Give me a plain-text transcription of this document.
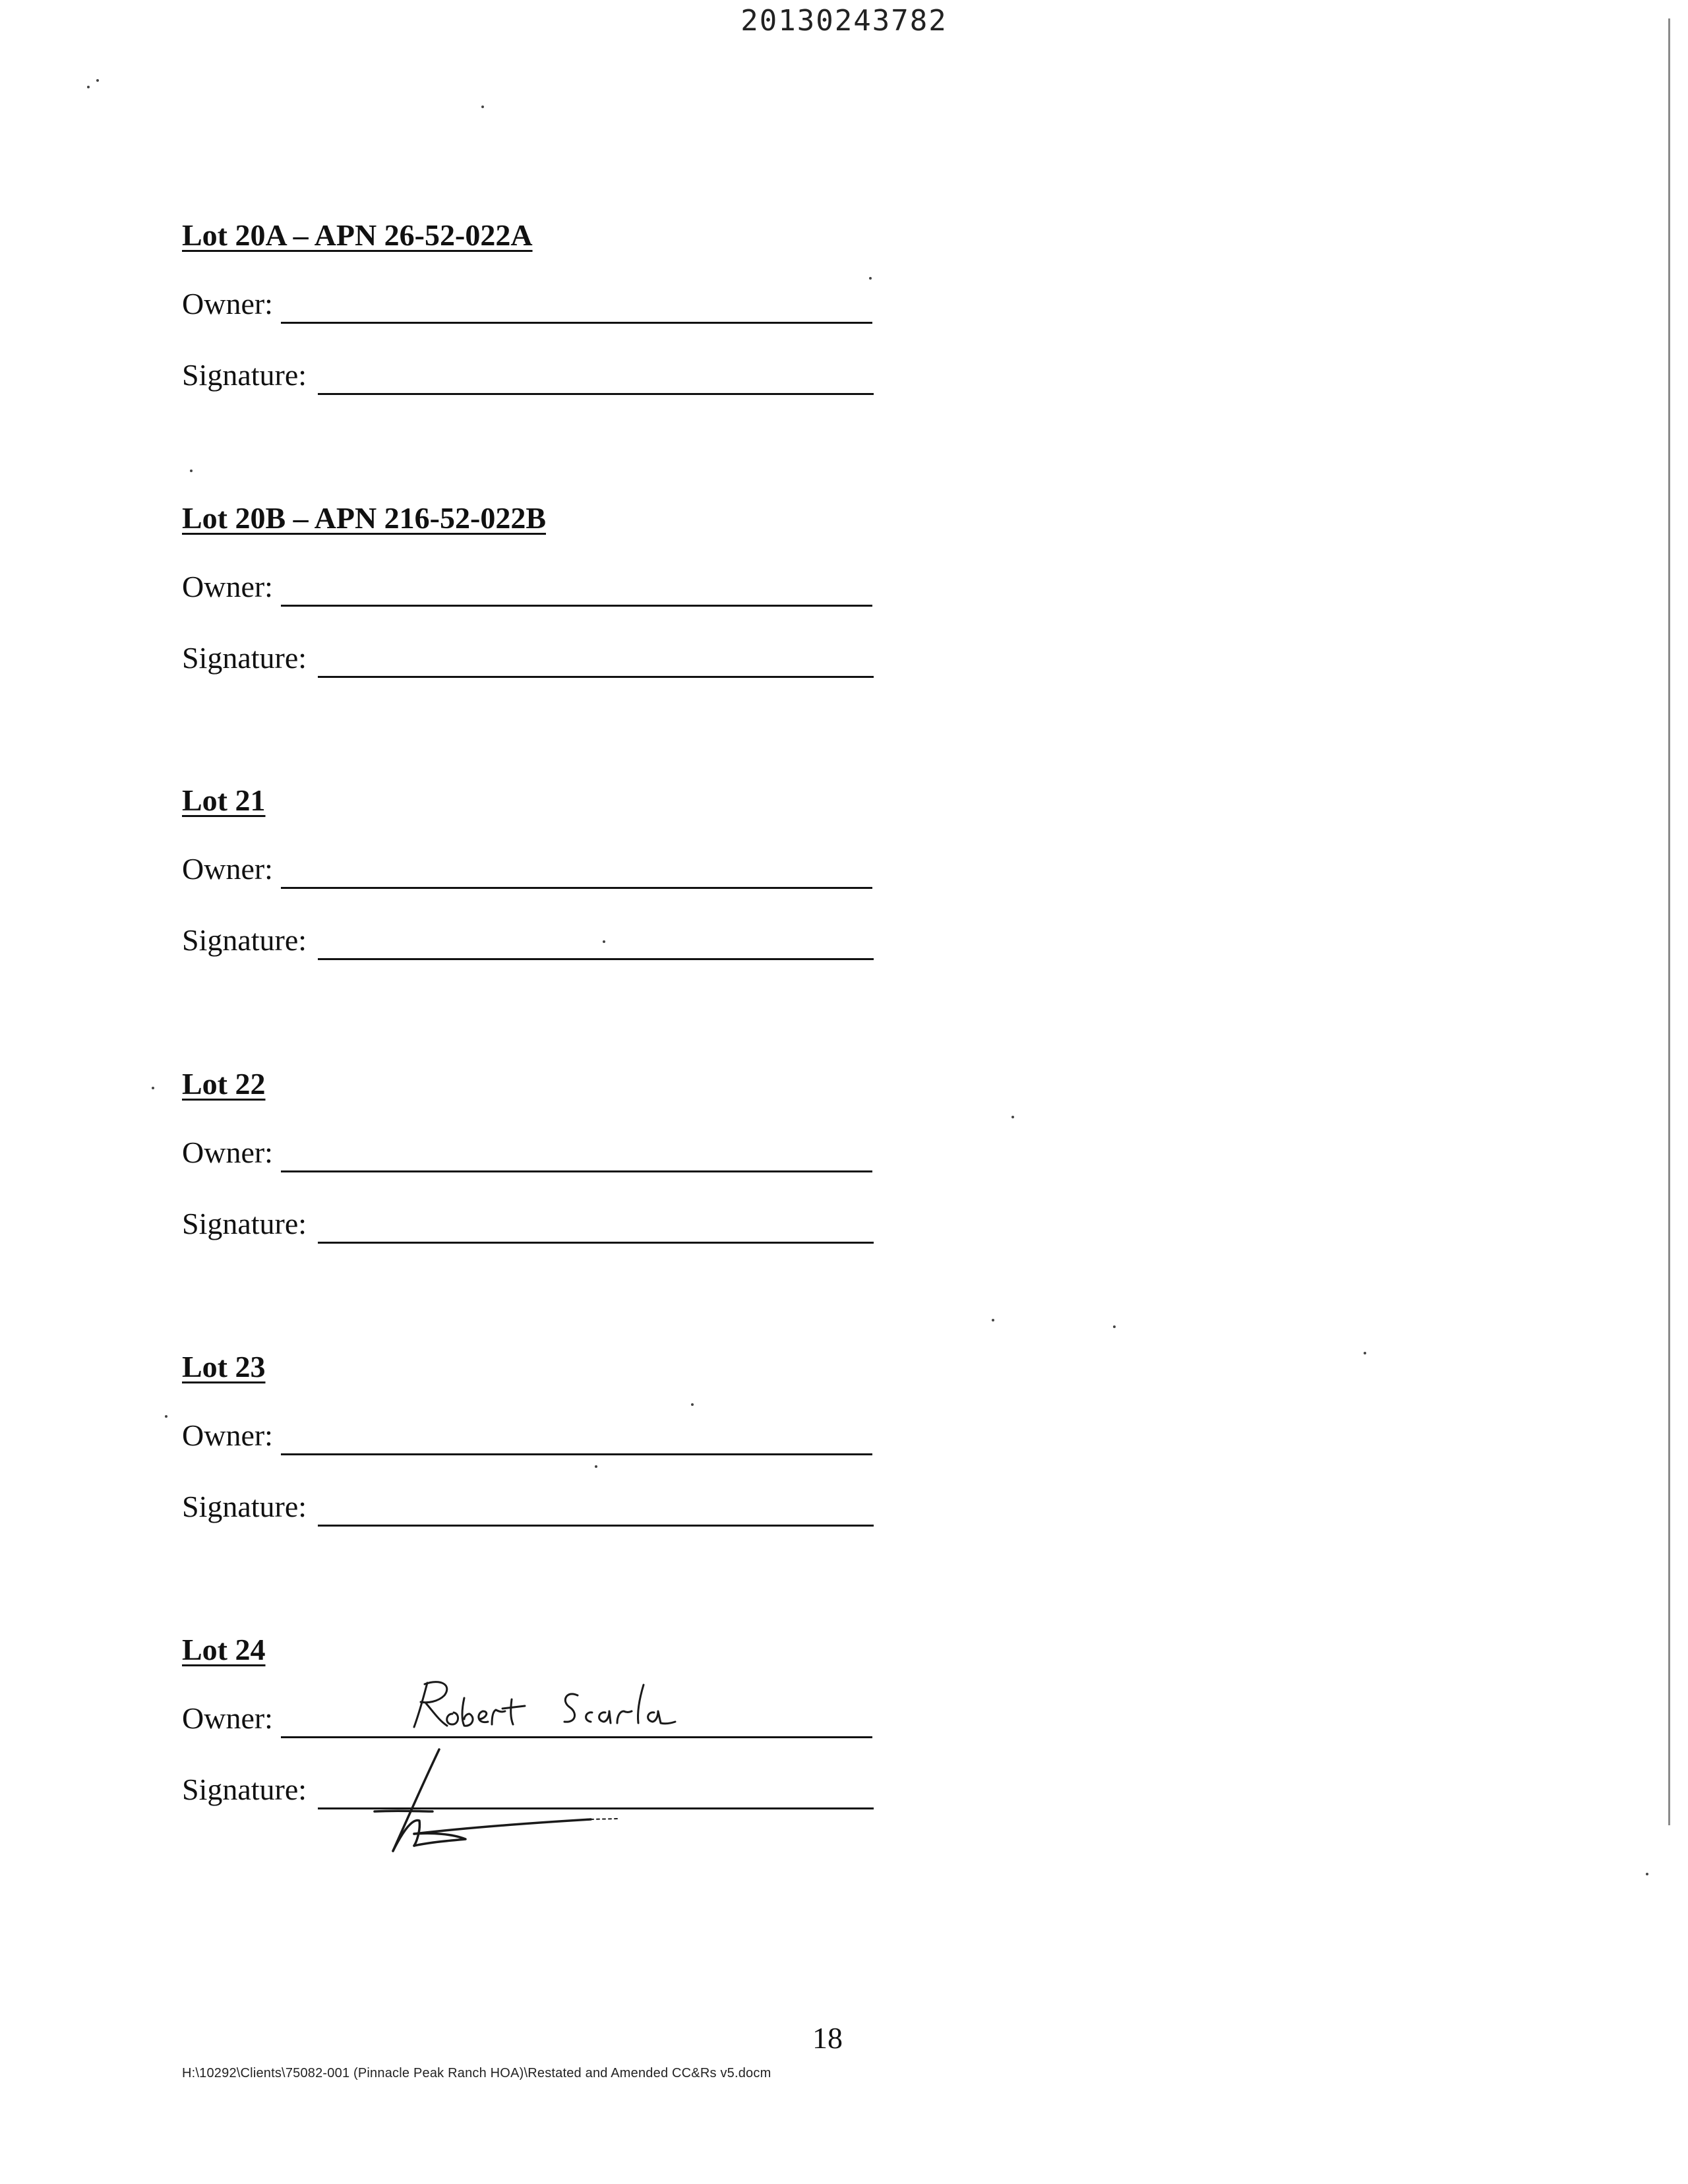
20130243782
Lot 20A – APN 26-52-022A
Owner:
Signature:
Lot 20B – APN 216-52-022B
Owner:
Signature:
Lot 21
Owner:
Signature:
Lot 22
Owner:
Signature:
Lot 23
Owner:
Signature:
Lot 24
Owner:
Signature:
18
H:\10292\Clients\75082-001 (Pinnacle Peak Ranch HOA)\Restated and Amended CC&Rs v5.docm
